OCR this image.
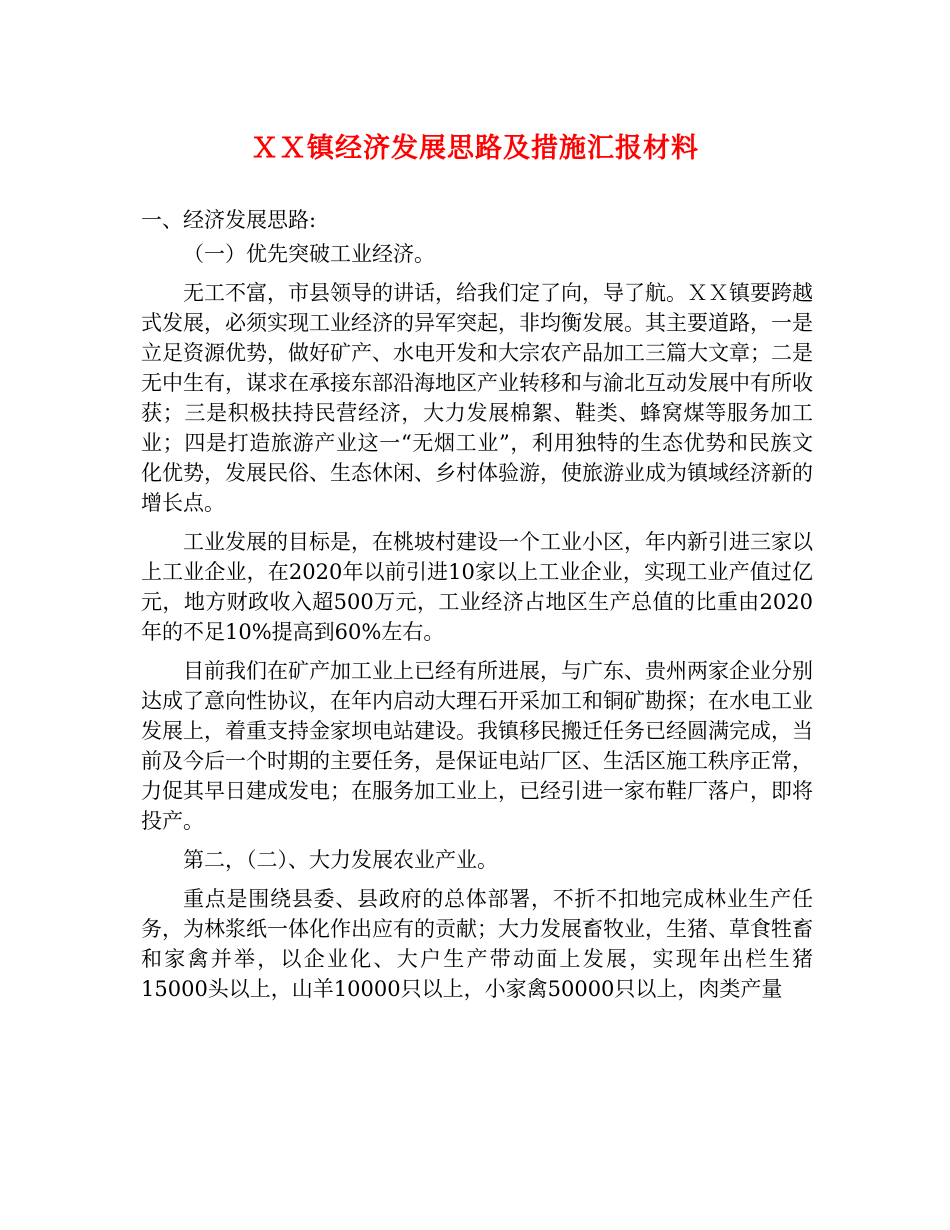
ＸＸ镇经济发展思路及措施汇报材料

一、经济发展思路:

（一）优先突破工业经济。

无工不富，市县领导的讲话，给我们定了向，导了航。ＸＸ镇要跨越式发展，必须实现工业经济的异军突起，非均衡发展。其主要道路，一是立足资源优势，做好矿产、水电开发和大宗农产品加工三篇大文章；二是无中生有，谋求在承接东部沿海地区产业转移和与渝北互动发展中有所收获；三是积极扶持民营经济，大力发展棉絮、鞋类、蜂窝煤等服务加工业；四是打造旅游产业这一“无烟工业”，利用独特的生态优势和民族文化优势，发展民俗、生态休闲、乡村体验游，使旅游业成为镇域经济新的增长点。

工业发展的目标是，在桃坡村建设一个工业小区，年内新引进三家以上工业企业，在2020年以前引进10家以上工业企业，实现工业产值过亿元，地方财政收入超500万元，工业经济占地区生产总值的比重由2020年的不足10%提高到60%左右。

目前我们在矿产加工业上已经有所进展，与广东、贵州两家企业分别达成了意向性协议，在年内启动大理石开采加工和铜矿勘探；在水电工业发展上，着重支持金家坝电站建设。我镇移民搬迁任务已经圆满完成，当前及今后一个时期的主要任务，是保证电站厂区、生活区施工秩序正常，力促其早日建成发电；在服务加工业上，已经引进一家布鞋厂落户，即将投产。

第二，（二）、大力发展农业产业。

重点是围绕县委、县政府的总体部署，不折不扣地完成林业生产任务，为林浆纸一体化作出应有的贡献；大力发展畜牧业，生猪、草食牲畜和家禽并举，以企业化、大户生产带动面上发展，实现年出栏生猪15000头以上，山羊10000只以上，小家禽50000只以上，肉类产量
